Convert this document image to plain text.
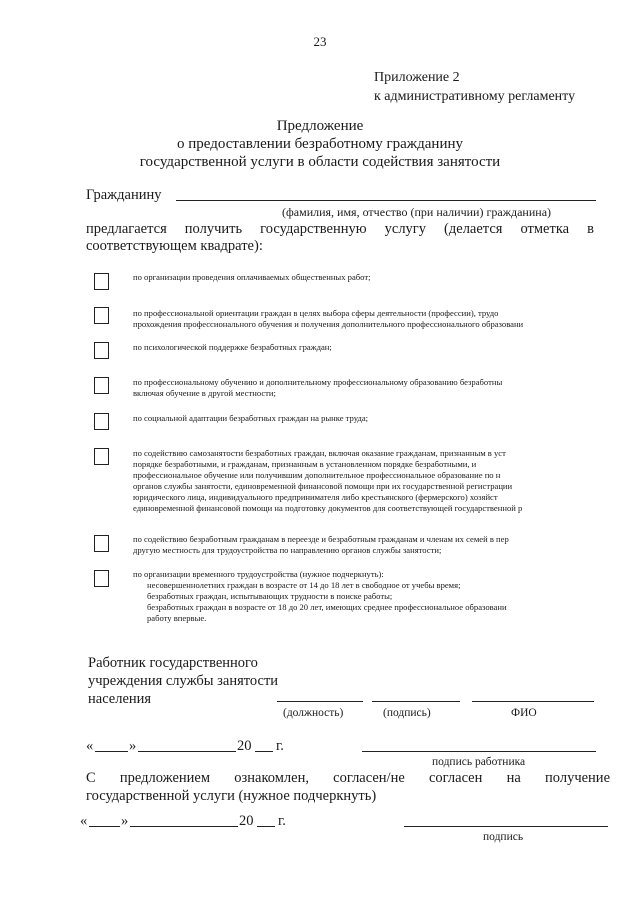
23
Приложение 2
к административному регламенту
Предложение
о предоставлении безработному гражданину
государственной услуги в области содействия занятости
Гражданину
(фамилия, имя, отчество (при наличии) гражданина)
предлагается получить государственную услугу (делается отметка в
соответствующем квадрате):
по организации проведения оплачиваемых общественных работ;
по профессиональной ориентации граждан в целях выбора сферы деятельности (профессии), трудо
прохождения профессионального обучения и получения дополнительного профессионального образовани
по психологической поддержке безработных граждан;
по профессиональному обучению и дополнительному профессиональному образованию безработны
включая обучение в другой местности;
по социальной адаптации безработных граждан на рынке труда;
по содействию самозанятости безработных граждан, включая оказание гражданам, признанным в уст
порядке безработными, и гражданам, признанным в установленном порядке безработными, и
профессиональное обучение или получившим дополнительное профессиональное образование по н
органов службы занятости, единовременной финансовой помощи при их государственной регистрации
юридического лица, индивидуального предпринимателя либо крестьянского (фермерского) хозяйст
единовременной финансовой помощи на подготовку документов для соответствующей государственной р
по содействию безработным гражданам в переезде и безработным гражданам и членам их семей в пер
другую местность для трудоустройства по направлению органов службы занятости;
по организации временного трудоустройства (нужное подчеркнуть):
несовершеннолетних граждан в возрасте от 14 до 18 лет в свободное от учебы время;
безработных граждан, испытывающих трудности в поиске работы;
безработных граждан в возрасте от 18 до 20 лет, имеющих среднее профессиональное образовани
работу впервые.
Работник государственного
учреждения службы занятости
населения
(должность)	(подпись)	ФИО
« »	20 г.
подпись работника
С предложением ознакомлен, согласен/не согласен на получение
государственной услуги (нужное подчеркнуть)
« »	20 г.
подпись
